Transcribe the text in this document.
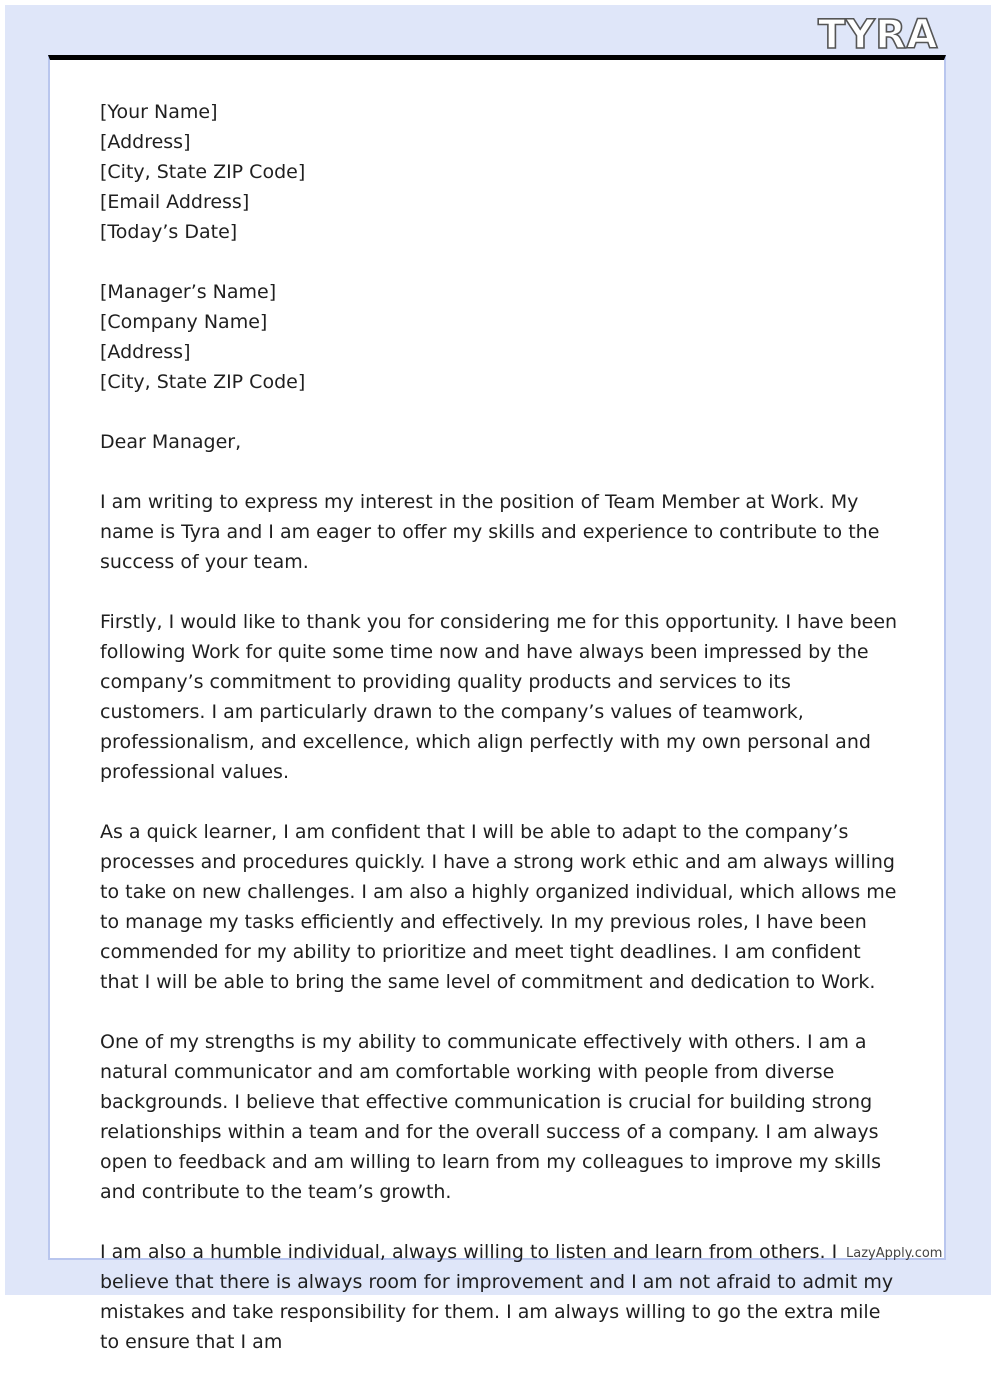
TYRA
[Your Name]
[Address]
[City, State ZIP Code]
[Email Address]
[Today’s Date]
[Manager’s Name]
[Company Name]
[Address]
[City, State ZIP Code]

Dear Manager,

I am writing to express my interest in the position of Team Member at Work. My name is Tyra and I am eager to offer my skills and experience to contribute to the success of your team.

Firstly, I would like to thank you for considering me for this opportunity. I have been following Work for quite some time now and have always been impressed by the company’s commitment to providing quality products and services to its customers. I am particularly drawn to the company’s values of teamwork, professionalism, and excellence, which align perfectly with my own personal and professional values.

As a quick learner, I am confident that I will be able to adapt to the company’s processes and procedures quickly. I have a strong work ethic and am always willing to take on new challenges. I am also a highly organized individual, which allows me to manage my tasks efficiently and effectively. In my previous roles, I have been commended for my ability to prioritize and meet tight deadlines. I am confident that I will be able to bring the same level of commitment and dedication to Work.

One of my strengths is my ability to communicate effectively with others. I am a natural communicator and am comfortable working with people from diverse backgrounds. I believe that effective communication is crucial for building strong relationships within a team and for the overall success of a company. I am always open to feedback and am willing to learn from my colleagues to improve my skills and contribute to the team’s growth.

I am also a humble individual, always willing to listen and learn from others. I believe that there is always room for improvement and I am not afraid to admit my mistakes and take responsibility for them. I am always willing to go the extra mile to ensure that I am

LazyApply.com
